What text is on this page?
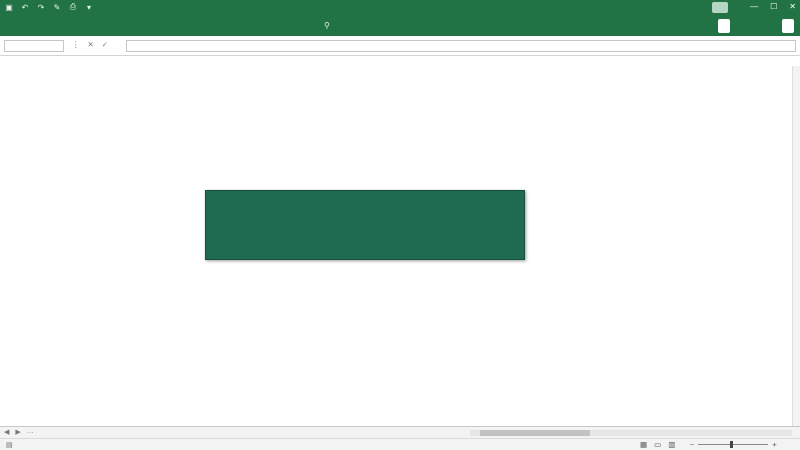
▣ ↶ ↷ ✎ ⎙	▾	— ☐ ✕
⚲
⋮ ✕ ✓
◀ ▶ …
▤	▦ ▭ ▥ −	+
